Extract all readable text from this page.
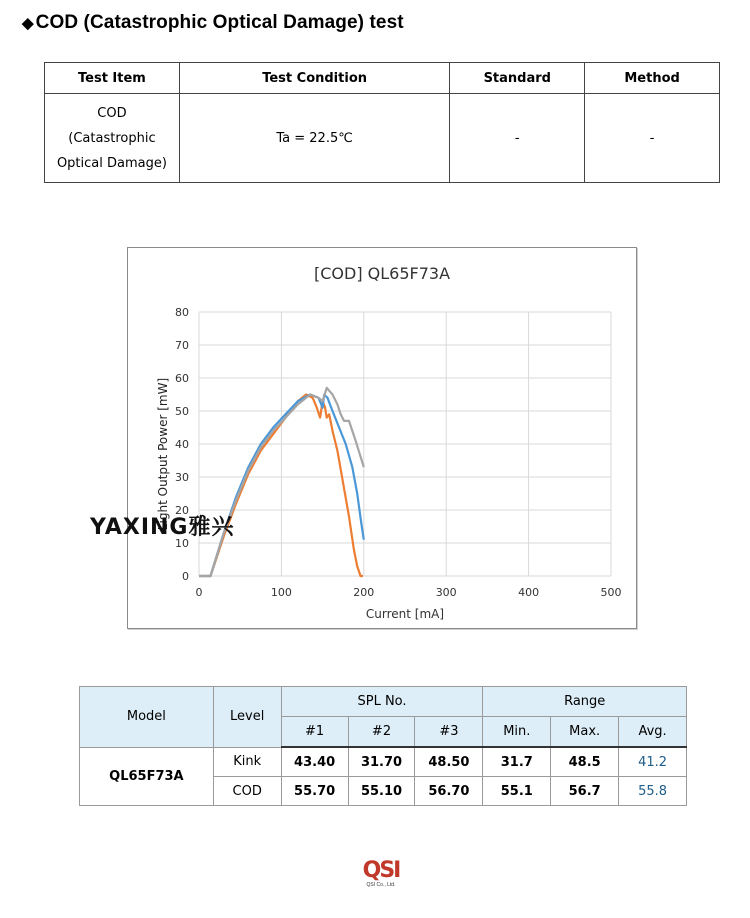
◆ COD (Catastrophic Optical Damage) test
Test Item	Test Condition	Standard	Method

COD
(Catastrophic
Optical Damage)	Ta = 22.5℃	-	-
[COD] QL65F73A
0
10
20
30
40
50
60
70
80
0	100	200	300	400	500
Current [mA]
Light Output Power [mW]
YAXING雅兴
Model	Level	SPL No.			Range		
		#1	#2	#3	Min.	Max.	Avg.
QL65F73A	Kink	43.40	31.70	48.50	31.7	48.5	41.2
	COD	55.70	55.10	56.70	55.1	56.7	55.8
QSI
QSI Co., Ltd.
